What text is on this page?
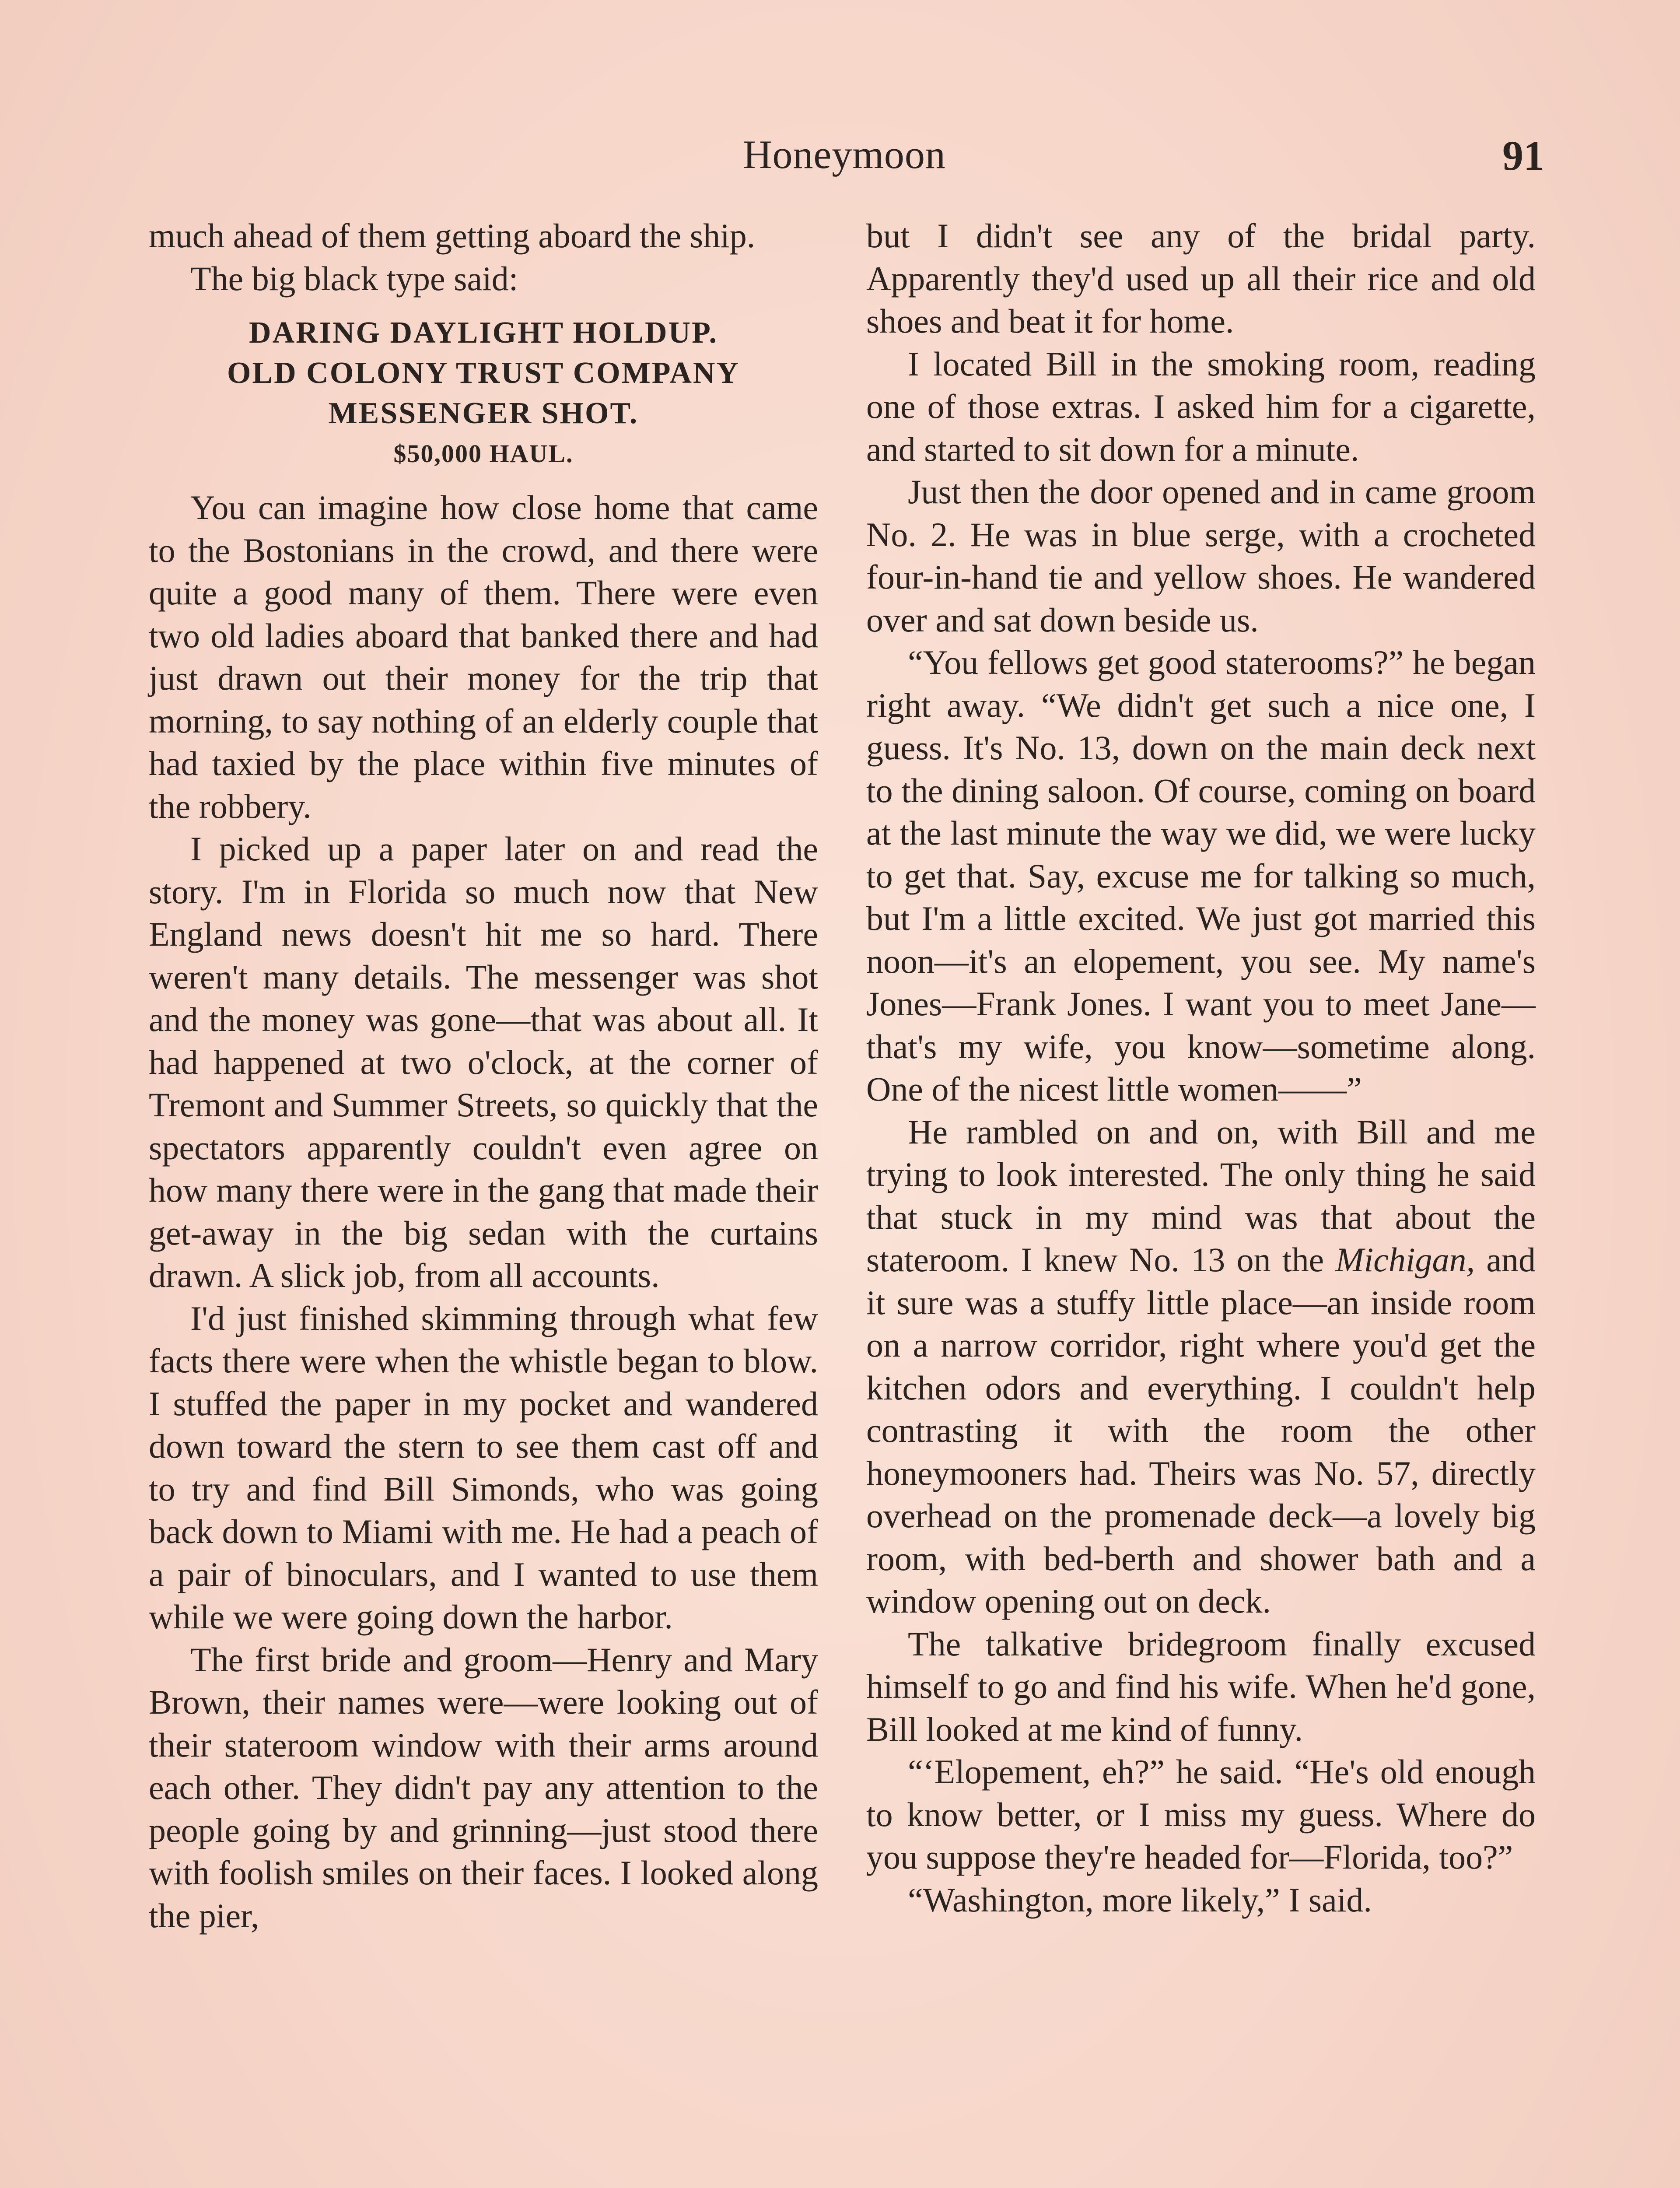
Honeymoon	91

much ahead of them getting aboard the ship.

The big black type said:

DARING DAYLIGHT HOLDUP.
OLD COLONY TRUST COMPANY
MESSENGER SHOT.
$50,000 HAUL.

You can imagine how close home that came to the Bostonians in the crowd, and there were quite a good many of them. There were even two old ladies aboard that banked there and had just drawn out their money for the trip that morning, to say nothing of an elderly couple that had taxied by the place within five minutes of the robbery.

I picked up a paper later on and read the story. I'm in Florida so much now that New England news doesn't hit me so hard. There weren't many details. The messenger was shot and the money was gone—that was about all. It had happened at two o'clock, at the corner of Tremont and Summer Streets, so quickly that the spectators apparently couldn't even agree on how many there were in the gang that made their get-away in the big sedan with the curtains drawn. A slick job, from all accounts.

I'd just finished skimming through what few facts there were when the whistle began to blow. I stuffed the paper in my pocket and wandered down toward the stern to see them cast off and to try and find Bill Simonds, who was going back down to Miami with me. He had a peach of a pair of binoculars, and I wanted to use them while we were going down the harbor.

The first bride and groom—Henry and Mary Brown, their names were—were looking out of their stateroom window with their arms around each other. They didn't pay any attention to the people going by and grinning—just stood there with foolish smiles on their faces. I looked along the pier,

but I didn't see any of the bridal party. Apparently they'd used up all their rice and old shoes and beat it for home.

I located Bill in the smoking room, reading one of those extras. I asked him for a cigarette, and started to sit down for a minute.

Just then the door opened and in came groom No. 2. He was in blue serge, with a crocheted four-in-hand tie and yellow shoes. He wandered over and sat down beside us.

“You fellows get good staterooms?” he began right away. “We didn't get such a nice one, I guess. It's No. 13, down on the main deck next to the dining saloon. Of course, coming on board at the last minute the way we did, we were lucky to get that. Say, excuse me for talking so much, but I'm a little excited. We just got married this noon—it's an elopement, you see. My name's Jones—Frank Jones. I want you to meet Jane—that's my wife, you know—sometime along. One of the nicest little women——”

He rambled on and on, with Bill and me trying to look interested. The only thing he said that stuck in my mind was that about the stateroom. I knew No. 13 on the Michigan, and it sure was a stuffy little place—an inside room on a narrow corridor, right where you'd get the kitchen odors and everything. I couldn't help contrasting it with the room the other honeymooners had. Theirs was No. 57, directly overhead on the promenade deck—a lovely big room, with bed-berth and shower bath and a window opening out on deck.

The talkative bridegroom finally excused himself to go and find his wife. When he'd gone, Bill looked at me kind of funny.

“‘Elopement, eh?” he said. “He's old enough to know better, or I miss my guess. Where do you suppose they're headed for—Florida, too?”

“Washington, more likely,” I said.
